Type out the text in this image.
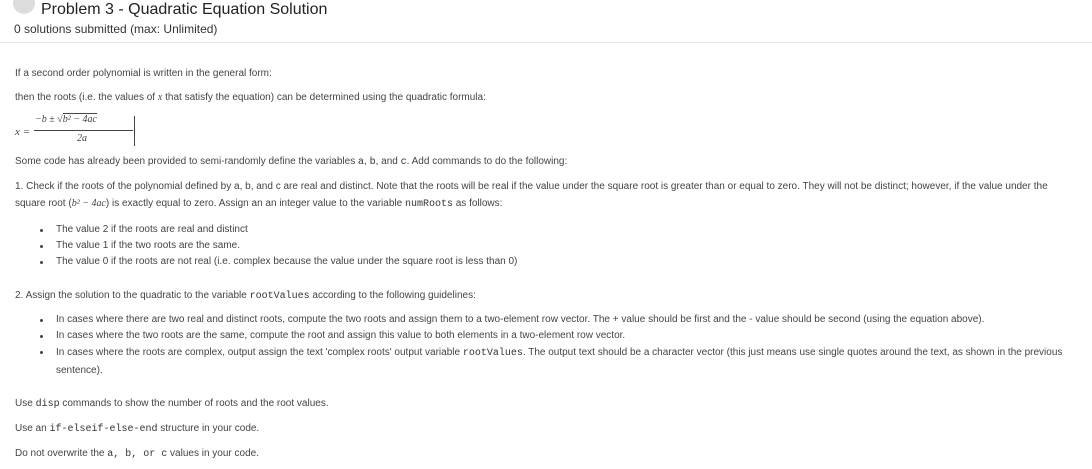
Problem 3 - Quadratic Equation Solution
0 solutions submitted (max: Unlimited)
If a second order polynomial is written in the general form:
then the roots (i.e. the values of x that satisfy the equation) can be determined using the quadratic formula:
x =
−b ± √b² − 4ac
2a
Some code has already been provided to semi-randomly define the variables a, b, and c. Add commands to do the following:
1. Check if the roots of the polynomial defined by a, b, and c are real and distinct. Note that the roots will be real if the value under the square root is greater than or equal to zero. They will not be distinct; however, if the value under the square root (b² − 4ac) is exactly equal to zero. Assign an an integer value to the variable numRoots as follows:
The value 2 if the roots are real and distinct
The value 1 if the two roots are the same.
The value 0 if the roots are not real (i.e. complex because the value under the square root is less than 0)
2. Assign the solution to the quadratic to the variable rootValues according to the following guidelines:
In cases where there are two real and distinct roots, compute the two roots and assign them to a two-element row vector. The + value should be first and the - value should be second (using the equation above).
In cases where the two roots are the same, compute the root and assign this value to both elements in a two-element row vector.
In cases where the roots are complex, output assign the text 'complex roots' output variable rootValues. The output text should be a character vector (this just means use single quotes around the text, as shown in the previous sentence).
Use disp commands to show the number of roots and the root values.
Use an if-elseif-else-end structure in your code.
Do not overwrite the a, b, or c values in your code.
